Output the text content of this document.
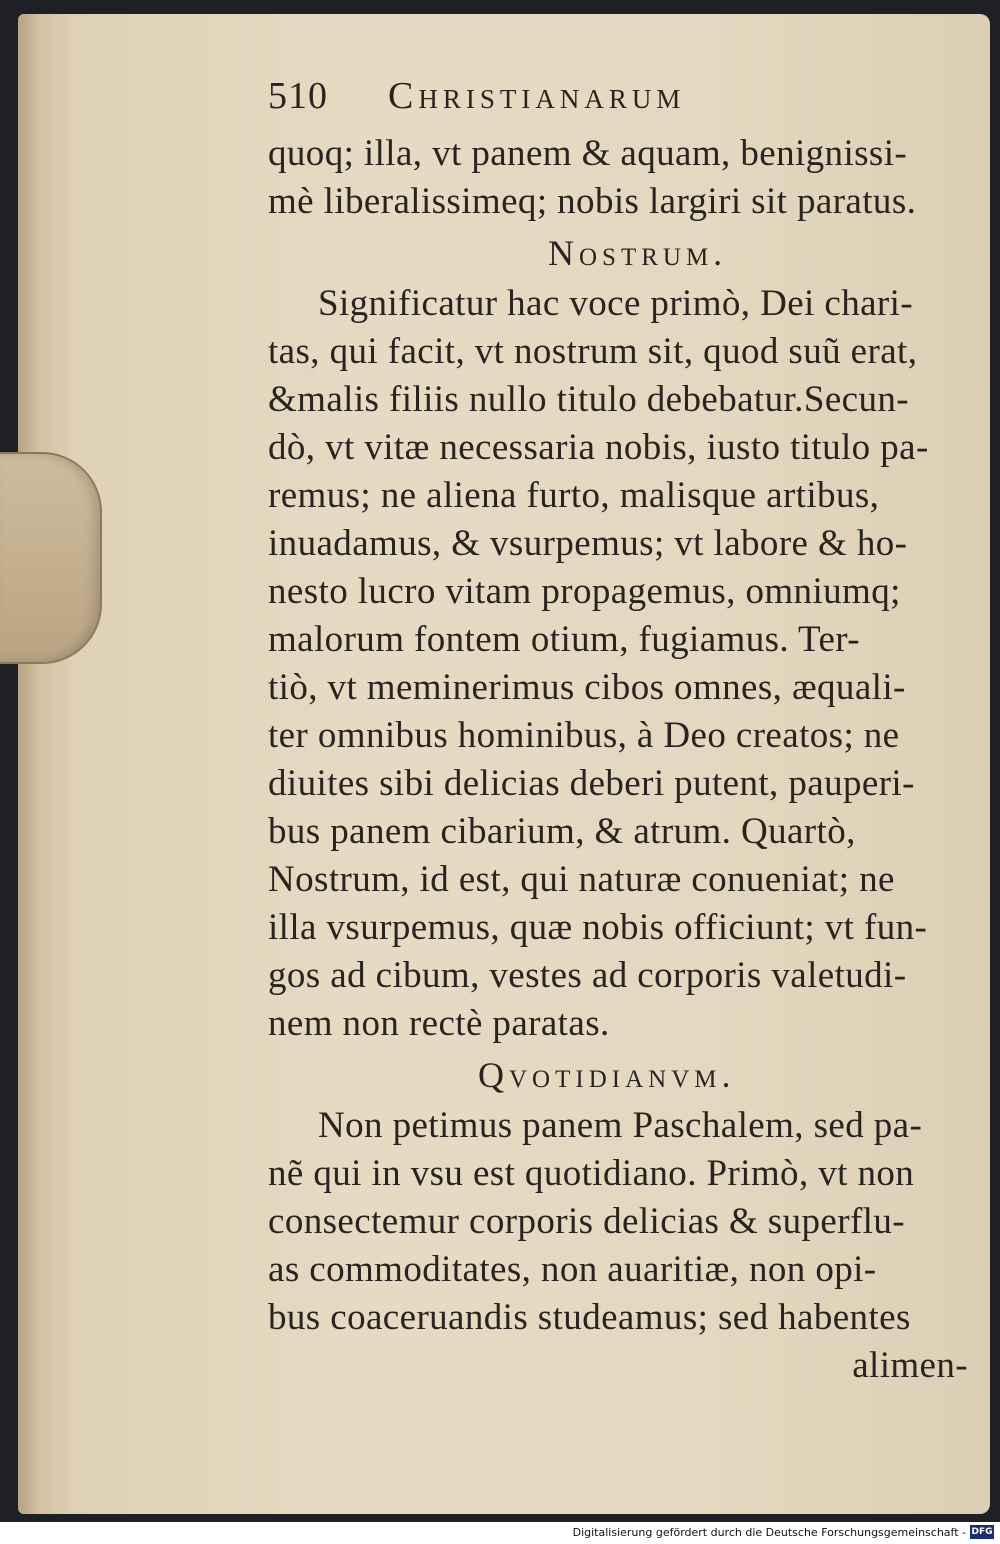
510	Christianarum
quoq; illa, vt panem & aquam, benignissi-
mè liberalissimeq; nobis largiri sit paratus.
Nostrum.
Significatur hac voce primò, Dei chari-
tas, qui facit, vt nostrum sit, quod suũ erat,
&malis filiis nullo titulo debebatur.Secun-
dò, vt vitæ necessaria nobis, iusto titulo pa-
remus; ne aliena furto, malisque artibus,
inuadamus, & vsurpemus; vt labore & ho-
nesto lucro vitam propagemus, omniumq;
malorum fontem otium, fugiamus. Ter-
tiò, vt meminerimus cibos omnes, æquali-
ter omnibus hominibus, à Deo creatos; ne
diuites sibi delicias deberi putent, pauperi-
bus panem cibarium, & atrum. Quartò,
Nostrum, id est, qui naturæ conueniat; ne
illa vsurpemus, quæ nobis officiunt; vt fun-
gos ad cibum, vestes ad corporis valetudi-
nem non rectè paratas.
Qvotidianvm.
Non petimus panem Paschalem, sed pa-
nẽ qui in vsu est quotidiano. Primò, vt non
consectemur corporis delicias & superflu-
as commoditates, non auaritiæ, non opi-
bus coaceruandis studeamus; sed habentes
alimen-
Digitalisierung gefördert durch die Deutsche Forschungsgemeinschaft - DFG
